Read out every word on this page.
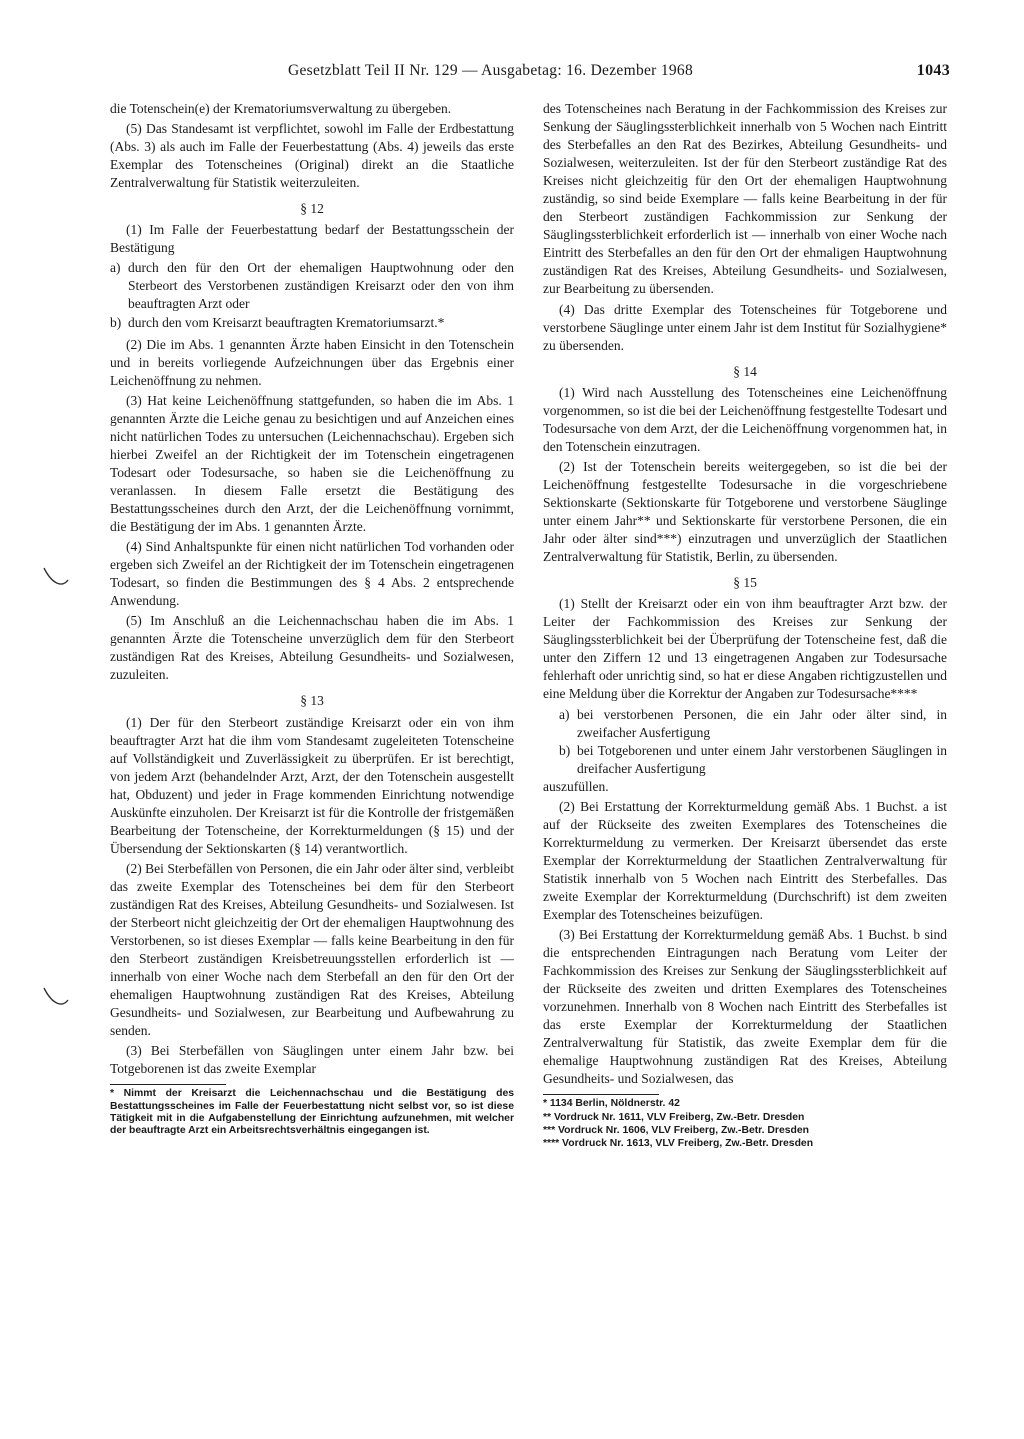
Gesetzblatt Teil II Nr. 129 — Ausgabetag: 16. Dezember 1968	1043

die Totenschein(e) der Krematoriumsverwaltung zu übergeben.

(5) Das Standesamt ist verpflichtet, sowohl im Falle der Erdbestattung (Abs. 3) als auch im Falle der Feuerbestattung (Abs. 4) jeweils das erste Exemplar des Totenscheines (Original) direkt an die Staatliche Zentralverwaltung für Statistik weiterzuleiten.

§ 12

(1) Im Falle der Feuerbestattung bedarf der Bestattungsschein der Bestätigung

a) durch den für den Ort der ehemaligen Hauptwohnung oder den Sterbeort des Verstorbenen zuständigen Kreisarzt oder den von ihm beauftragten Arzt oder
b) durch den vom Kreisarzt beauftragten Krematoriumsarzt.*

(2) Die im Abs. 1 genannten Ärzte haben Einsicht in den Totenschein und in bereits vorliegende Aufzeichnungen über das Ergebnis einer Leichenöffnung zu nehmen.

(3) Hat keine Leichenöffnung stattgefunden, so haben die im Abs. 1 genannten Ärzte die Leiche genau zu besichtigen und auf Anzeichen eines nicht natürlichen Todes zu untersuchen (Leichennachschau). Ergeben sich hierbei Zweifel an der Richtigkeit der im Totenschein eingetragenen Todesart oder Todesursache, so haben sie die Leichenöffnung zu veranlassen. In diesem Falle ersetzt die Bestätigung des Bestattungsscheines durch den Arzt, der die Leichenöffnung vornimmt, die Bestätigung der im Abs. 1 genannten Ärzte.

(4) Sind Anhaltspunkte für einen nicht natürlichen Tod vorhanden oder ergeben sich Zweifel an der Richtigkeit der im Totenschein eingetragenen Todesart, so finden die Bestimmungen des § 4 Abs. 2 entsprechende Anwendung.

(5) Im Anschluß an die Leichennachschau haben die im Abs. 1 genannten Ärzte die Totenscheine unverzüglich dem für den Sterbeort zuständigen Rat des Kreises, Abteilung Gesundheits- und Sozialwesen, zuzuleiten.

§ 13

(1) Der für den Sterbeort zuständige Kreisarzt oder ein von ihm beauftragter Arzt hat die ihm vom Standesamt zugeleiteten Totenscheine auf Vollständigkeit und Zuverlässigkeit zu überprüfen. Er ist berechtigt, von jedem Arzt (behandelnder Arzt, Arzt, der den Totenschein ausgestellt hat, Obduzent) und jeder in Frage kommenden Einrichtung notwendige Auskünfte einzuholen. Der Kreisarzt ist für die Kontrolle der fristgemäßen Bearbeitung der Totenscheine, der Korrekturmeldungen (§ 15) und der Übersendung der Sektionskarten (§ 14) verantwortlich.

(2) Bei Sterbefällen von Personen, die ein Jahr oder älter sind, verbleibt das zweite Exemplar des Totenscheines bei dem für den Sterbeort zuständigen Rat des Kreises, Abteilung Gesundheits- und Sozialwesen. Ist der Sterbeort nicht gleichzeitig der Ort der ehemaligen Hauptwohnung des Verstorbenen, so ist dieses Exemplar — falls keine Bearbeitung in den für den Sterbeort zuständigen Kreisbetreuungsstellen erforderlich ist — innerhalb von einer Woche nach dem Sterbefall an den für den Ort der ehemaligen Hauptwohnung zuständigen Rat des Kreises, Abteilung Gesundheits- und Sozialwesen, zur Bearbeitung und Aufbewahrung zu senden.

(3) Bei Sterbefällen von Säuglingen unter einem Jahr bzw. bei Totgeborenen ist das zweite Exemplar

* Nimmt der Kreisarzt die Leichennachschau und die Bestätigung des Bestattungsscheines im Falle der Feuerbestattung nicht selbst vor, so ist diese Tätigkeit mit in die Aufgabenstellung der Einrichtung aufzunehmen, mit welcher der beauftragte Arzt ein Arbeitsrechtsverhältnis eingegangen ist.

des Totenscheines nach Beratung in der Fachkommission des Kreises zur Senkung der Säuglingssterblichkeit innerhalb von 5 Wochen nach Eintritt des Sterbefalles an den Rat des Bezirkes, Abteilung Gesundheits- und Sozialwesen, weiterzuleiten. Ist der für den Sterbeort zuständige Rat des Kreises nicht gleichzeitig für den Ort der ehemaligen Hauptwohnung zuständig, so sind beide Exemplare — falls keine Bearbeitung in der für den Sterbeort zuständigen Fachkommission zur Senkung der Säuglingssterblichkeit erforderlich ist — innerhalb von einer Woche nach Eintritt des Sterbefalles an den für den Ort der ehmaligen Hauptwohnung zuständigen Rat des Kreises, Abteilung Gesundheits- und Sozialwesen, zur Bearbeitung zu übersenden.

(4) Das dritte Exemplar des Totenscheines für Totgeborene und verstorbene Säuglinge unter einem Jahr ist dem Institut für Sozialhygiene* zu übersenden.

§ 14

(1) Wird nach Ausstellung des Totenscheines eine Leichenöffnung vorgenommen, so ist die bei der Leichenöffnung festgestellte Todesart und Todesursache von dem Arzt, der die Leichenöffnung vorgenommen hat, in den Totenschein einzutragen.

(2) Ist der Totenschein bereits weitergegeben, so ist die bei der Leichenöffnung festgestellte Todesursache in die vorgeschriebene Sektionskarte (Sektionskarte für Totgeborene und verstorbene Säuglinge unter einem Jahr** und Sektionskarte für verstorbene Personen, die ein Jahr oder älter sind***) einzutragen und unverzüglich der Staatlichen Zentralverwaltung für Statistik, Berlin, zu übersenden.

§ 15

(1) Stellt der Kreisarzt oder ein von ihm beauftragter Arzt bzw. der Leiter der Fachkommission des Kreises zur Senkung der Säuglingssterblichkeit bei der Überprüfung der Totenscheine fest, daß die unter den Ziffern 12 und 13 eingetragenen Angaben zur Todesursache fehlerhaft oder unrichtig sind, so hat er diese Angaben richtigzustellen und eine Meldung über die Korrektur der Angaben zur Todesursache****

a) bei verstorbenen Personen, die ein Jahr oder älter sind, in zweifacher Ausfertigung
b) bei Totgeborenen und unter einem Jahr verstorbenen Säuglingen in dreifacher Ausfertigung

auszufüllen.

(2) Bei Erstattung der Korrekturmeldung gemäß Abs. 1 Buchst. a ist auf der Rückseite des zweiten Exemplares des Totenscheines die Korrekturmeldung zu vermerken. Der Kreisarzt übersendet das erste Exemplar der Korrekturmeldung der Staatlichen Zentralverwaltung für Statistik innerhalb von 5 Wochen nach Eintritt des Sterbefalles. Das zweite Exemplar der Korrekturmeldung (Durchschrift) ist dem zweiten Exemplar des Totenscheines beizufügen.

(3) Bei Erstattung der Korrekturmeldung gemäß Abs. 1 Buchst. b sind die entsprechenden Eintragungen nach Beratung vom Leiter der Fachkommission des Kreises zur Senkung der Säuglingssterblichkeit auf der Rückseite des zweiten und dritten Exemplares des Totenscheines vorzunehmen. Innerhalb von 8 Wochen nach Eintritt des Sterbefalles ist das erste Exemplar der Korrekturmeldung der Staatlichen Zentralverwaltung für Statistik, das zweite Exemplar dem für die ehemalige Hauptwohnung zuständigen Rat des Kreises, Abteilung Gesundheits- und Sozialwesen, das

* 1134 Berlin, Nöldnerstr. 42

** Vordruck Nr. 1611, VLV Freiberg, Zw.-Betr. Dresden

*** Vordruck Nr. 1606, VLV Freiberg, Zw.-Betr. Dresden

**** Vordruck Nr. 1613, VLV Freiberg, Zw.-Betr. Dresden
